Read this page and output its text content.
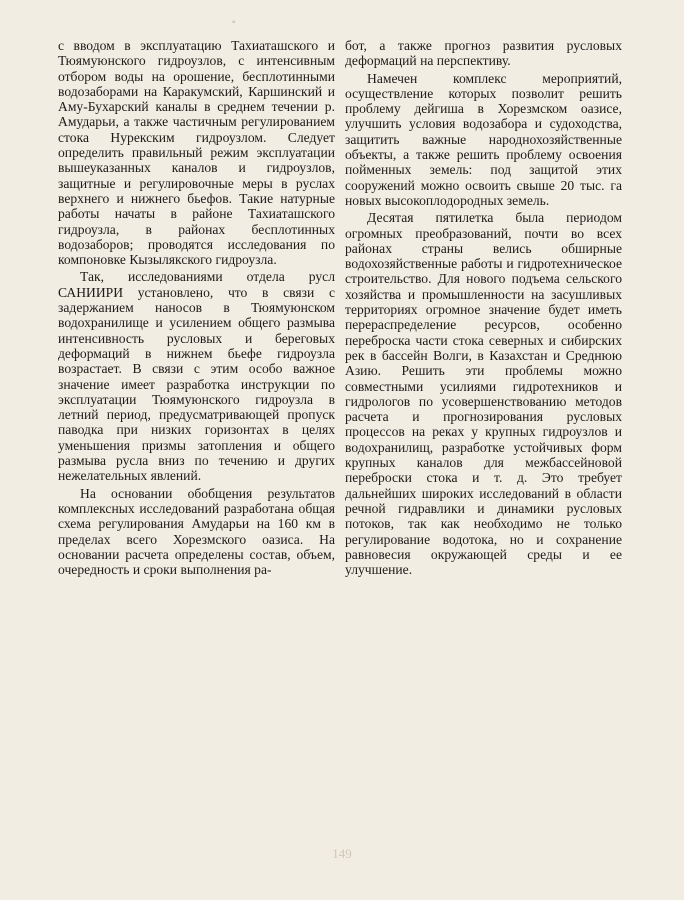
◦

с вводом в эксплуатацию Тахиаташского и Тюямуюнского гидроузлов, с интенсивным отбором воды на орошение, бесплотинными водозаборами на Каракумский, Каршинский и Аму-Бухарский каналы в среднем течении р. Амударьи, а также частичным регулированием стока Нурекским гидроузлом. Следует определить правильный режим эксплуатации вышеуказанных каналов и гидроузлов, защитные и регулировочные меры в руслах верхнего и нижнего бьефов. Такие натурные работы начаты в районе Тахиаташского гидроузла, в районах бесплотинных водозаборов; проводятся исследования по компоновке Кызылякского гидроузла.

Так, исследованиями отдела русл САНИИРИ установлено, что в связи с задержанием наносов в Тюямуюнском водохранилище и усилением общего размыва интенсивность русловых и береговых деформаций в нижнем бьефе гидроузла возрастает. В связи с этим особо важное значение имеет разработка инструкции по эксплуатации Тюямуюнского гидроузла в летний период, предусматривающей пропуск паводка при низких горизонтах в целях уменьшения призмы затопления и общего размыва русла вниз по течению и других нежелательных явлений.

На основании обобщения результатов комплексных исследований разработана общая схема регулирования Амударьи на 160 км в пределах всего Хорезмского оазиса. На основании расчета определены состав, объем, очередность и сроки выполнения ра-

бот, а также прогноз развития русловых деформаций на перспективу.

Намечен комплекс мероприятий, осуществление которых позволит решить проблему дейгиша в Хорезмском оазисе, улучшить условия водозабора и судоходства, защитить важные народнохозяйственные объекты, а также решить проблему освоения пойменных земель: под защитой этих сооружений можно освоить свыше 20 тыс. га новых высокоплодородных земель.

Десятая пятилетка была периодом огромных преобразований, почти во всех районах страны велись обширные водохозяйственные работы и гидротехническое строительство. Для нового подъема сельского хозяйства и промышленности на засушливых территориях огромное значение будет иметь перераспределение ресурсов, особенно переброска части стока северных и сибирских рек в бассейн Волги, в Казахстан и Среднюю Азию. Решить эти проблемы можно совместными усилиями гидротехников и гидрологов по усовершенствованию методов расчета и прогнозирования русловых процессов на реках у крупных гидроузлов и водохранилищ, разработке устойчивых форм крупных каналов для межбассейновой переброски стока и т. д. Это требует дальнейших широких исследований в области речной гидравлики и динамики русловых потоков, так как необходимо не только регулирование водотока, но и сохранение равновесия окружающей среды и ее улучшение.

149
